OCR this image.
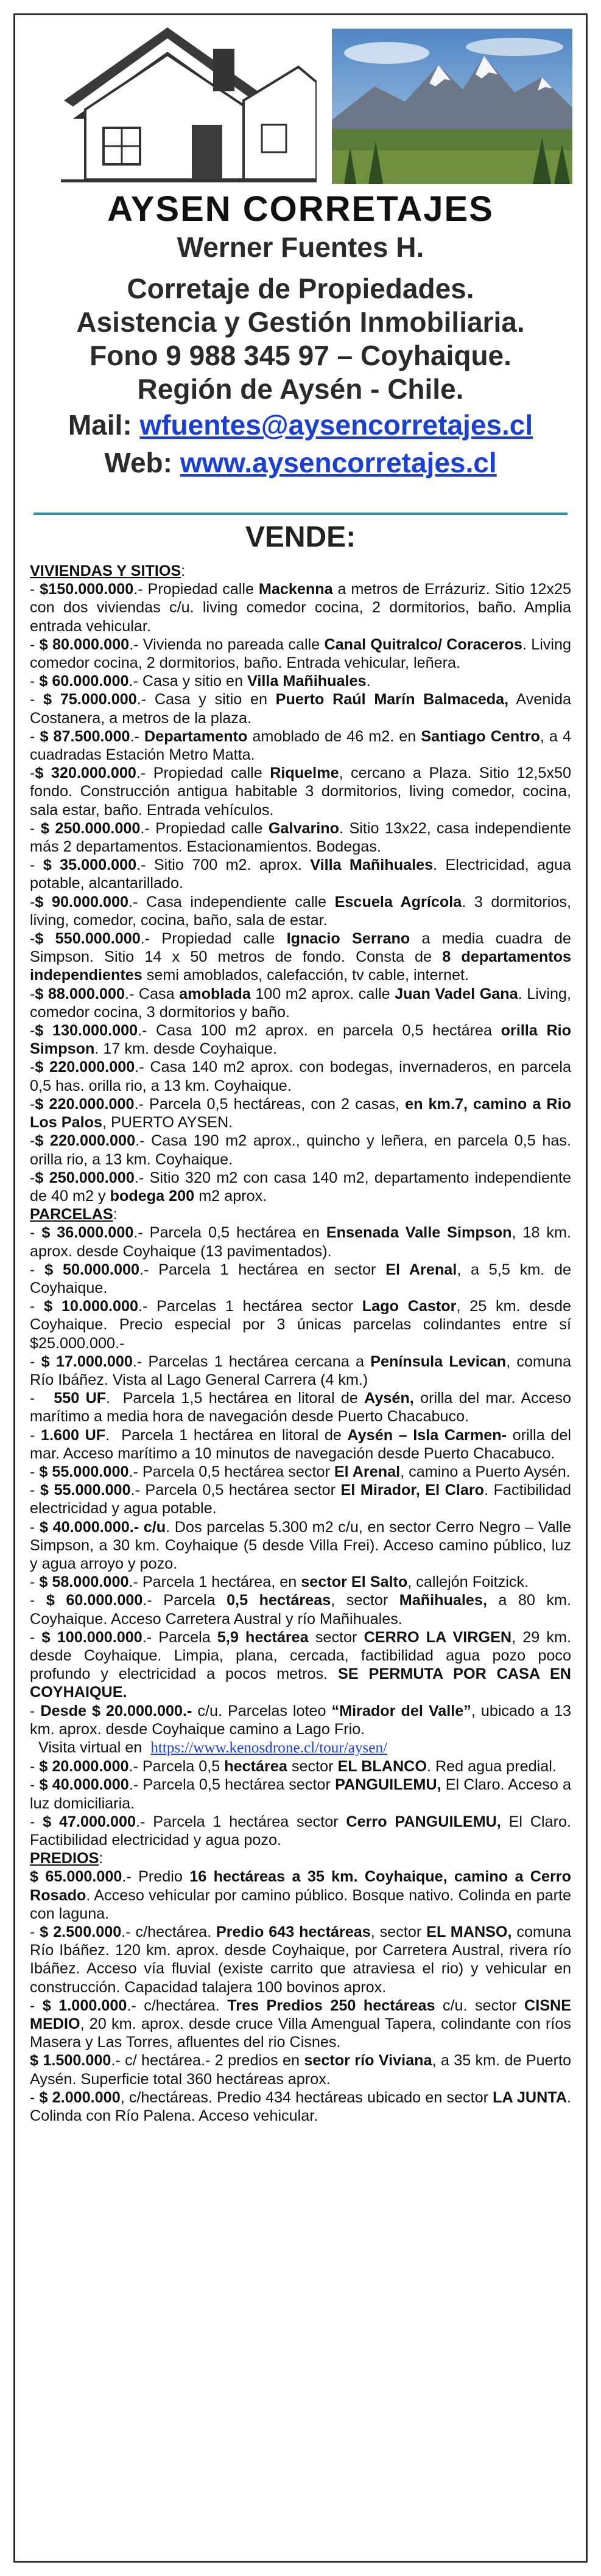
AYSEN CORRETAJES
Werner Fuentes H.
Corretaje de Propiedades.
Asistencia y Gestión Inmobiliaria.
Fono 9 988 345 97 – Coyhaique.
Región de Aysén - Chile.
Mail: wfuentes@aysencorretajes.cl
Web: www.aysencorretajes.cl
VENDE:
VIVIENDAS Y SITIOS:
- $150.000.000.- Propiedad calle Mackenna a metros de Errázuriz. Sitio 12x25 con dos viviendas c/u. living comedor cocina, 2 dormitorios, baño. Amplia entrada vehicular.
- $ 80.000.000.- Vivienda no pareada calle Canal Quitralco/ Coraceros. Living comedor cocina, 2 dormitorios, baño. Entrada vehicular, leñera.
- $ 60.000.000.- Casa y sitio en Villa Mañihuales.
- $ 75.000.000.- Casa y sitio en Puerto Raúl Marín Balmaceda, Avenida Costanera, a metros de la plaza.
- $ 87.500.000.- Departamento amoblado de 46 m2. en Santiago Centro, a 4 cuadradas Estación Metro Matta.
-$ 320.000.000.- Propiedad calle Riquelme, cercano a Plaza. Sitio 12,5x50 fondo. Construcción antigua habitable 3 dormitorios, living comedor, cocina, sala estar, baño. Entrada vehículos.
- $ 250.000.000.- Propiedad calle Galvarino. Sitio 13x22, casa independiente más 2 departamentos. Estacionamientos. Bodegas.
- $ 35.000.000.- Sitio 700 m2. aprox. Villa Mañihuales. Electricidad, agua potable, alcantarillado.
-$ 90.000.000.- Casa independiente calle Escuela Agrícola. 3 dormitorios, living, comedor, cocina, baño, sala de estar.
-$ 550.000.000.- Propiedad calle Ignacio Serrano a media cuadra de Simpson. Sitio 14 x 50 metros de fondo. Consta de 8 departamentos independientes semi amoblados, calefacción, tv cable, internet.
-$ 88.000.000.- Casa amoblada 100 m2 aprox. calle Juan Vadel Gana. Living, comedor cocina, 3 dormitorios y baño.
-$ 130.000.000.- Casa 100 m2 aprox. en parcela 0,5 hectárea orilla Rio Simpson. 17 km. desde Coyhaique.
-$ 220.000.000.- Casa 140 m2 aprox. con bodegas, invernaderos, en parcela 0,5 has. orilla rio, a 13 km. Coyhaique.
-$ 220.000.000.- Parcela 0,5 hectáreas, con 2 casas, en km.7, camino a Rio Los Palos, PUERTO AYSEN.
-$ 220.000.000.- Casa 190 m2 aprox., quincho y leñera, en parcela 0,5 has. orilla rio, a 13 km. Coyhaique.
-$ 250.000.000.- Sitio 320 m2 con casa 140 m2, departamento independiente de 40 m2 y bodega 200 m2 aprox.
PARCELAS:
- $ 36.000.000.- Parcela 0,5 hectárea en Ensenada Valle Simpson, 18 km. aprox. desde Coyhaique (13 pavimentados).
- $ 50.000.000.- Parcela 1 hectárea en sector El Arenal, a 5,5 km. de Coyhaique.
- $ 10.000.000.- Parcelas 1 hectárea sector Lago Castor, 25 km. desde Coyhaique. Precio especial por 3 únicas parcelas colindantes entre sí $25.000.000.-
- $ 17.000.000.- Parcelas 1 hectárea cercana a Península Levican, comuna Río Ibáñez. Vista al Lago General Carrera (4 km.)
-   550 UF.  Parcela 1,5 hectárea en litoral de Aysén, orilla del mar. Acceso marítimo a media hora de navegación desde Puerto Chacabuco.
- 1.600 UF.  Parcela 1 hectárea en litoral de Aysén – Isla Carmen- orilla del mar. Acceso marítimo a 10 minutos de navegación desde Puerto Chacabuco.
- $ 55.000.000.- Parcela 0,5 hectárea sector El Arenal, camino a Puerto Aysén.
- $ 55.000.000.- Parcela 0,5 hectárea sector El Mirador, El Claro. Factibilidad electricidad y agua potable.
- $ 40.000.000.- c/u. Dos parcelas 5.300 m2 c/u, en sector Cerro Negro – Valle Simpson, a 30 km. Coyhaique (5 desde Villa Frei). Acceso camino público, luz y agua arroyo y pozo.
- $ 58.000.000.- Parcela 1 hectárea, en sector El Salto, callejón Foitzick.
- $ 60.000.000.- Parcela 0,5 hectáreas, sector Mañihuales, a 80 km. Coyhaique. Acceso Carretera Austral y río Mañihuales.
- $ 100.000.000.- Parcela 5,9 hectárea sector CERRO LA VIRGEN, 29 km. desde Coyhaique. Limpia, plana, cercada, factibilidad agua pozo poco profundo y electricidad a pocos metros. SE PERMUTA POR CASA EN COYHAIQUE.
- Desde $ 20.000.000.- c/u. Parcelas loteo “Mirador del Valle”, ubicado a 13 km. aprox. desde Coyhaique camino a Lago Frio.
Visita virtual en  https://www.kenosdrone.cl/tour/aysen/
- $ 20.000.000.- Parcela 0,5 hectárea sector EL BLANCO. Red agua predial.
- $ 40.000.000.- Parcela 0,5 hectárea sector PANGUILEMU, El Claro. Acceso a luz domiciliaria.
- $ 47.000.000.- Parcela 1 hectárea sector Cerro PANGUILEMU, El Claro. Factibilidad electricidad y agua pozo.
PREDIOS:
$ 65.000.000.- Predio 16 hectáreas a 35 km. Coyhaique, camino a Cerro Rosado. Acceso vehicular por camino público. Bosque nativo. Colinda en parte con laguna.
- $ 2.500.000.- c/hectárea. Predio 643 hectáreas, sector EL MANSO, comuna Río Ibáñez. 120 km. aprox. desde Coyhaique, por Carretera Austral, rivera río Ibáñez. Acceso vía fluvial (existe carrito que atraviesa el rio) y vehicular en construcción. Capacidad talajera 100 bovinos aprox.
- $ 1.000.000.- c/hectárea. Tres Predios 250 hectáreas c/u. sector CISNE MEDIO, 20 km. aprox. desde cruce Villa Amengual Tapera, colindante con ríos Masera y Las Torres, afluentes del rio Cisnes.
$ 1.500.000.- c/ hectárea.- 2 predios en sector río Viviana, a 35 km. de Puerto Aysén. Superficie total 360 hectáreas aprox.
- $ 2.000.000, c/hectáreas. Predio 434 hectáreas ubicado en sector LA JUNTA. Colinda con Río Palena. Acceso vehicular.
